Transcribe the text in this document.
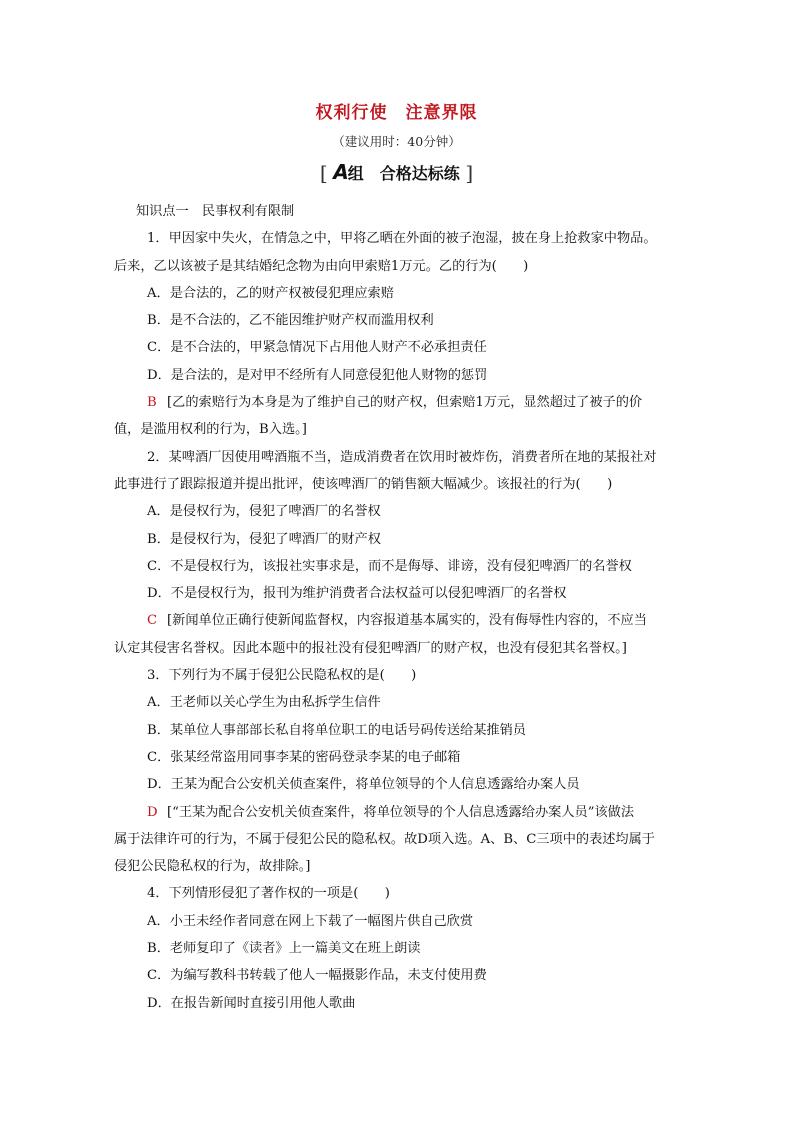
权利行使　 注意界限
（建议用时：40分钟）
[ A组　合格达标练 ]
知识点一　民事权利有限制
1．甲因家中失火，在情急之中，甲将乙晒在外面的被子泡湿，披在身上抢救家中物品。
后来，乙以该被子是其结婚纪念物为由向甲索赔1万元。乙的行为(　　)
A．是合法的，乙的财产权被侵犯理应索赔
B．是不合法的，乙不能因维护财产权而滥用权利
C．是不合法的，甲紧急情况下占用他人财产不必承担责任
D．是合法的，是对甲不经所有人同意侵犯他人财物的惩罚
B [乙的索赔行为本身是为了维护自己的财产权，但索赔1万元，显然超过了被子的价
值，是滥用权利的行为，B入选。]
2．某啤酒厂因使用啤酒瓶不当，造成消费者在饮用时被炸伤，消费者所在地的某报社对
此事进行了跟踪报道并提出批评，使该啤酒厂的销售额大幅减少。该报社的行为(　　)
A．是侵权行为，侵犯了啤酒厂的名誉权
B．是侵权行为，侵犯了啤酒厂的财产权
C．不是侵权行为，该报社实事求是，而不是侮辱、诽谤，没有侵犯啤酒厂的名誉权
D．不是侵权行为，报刊为维护消费者合法权益可以侵犯啤酒厂的名誉权
C [新闻单位正确行使新闻监督权，内容报道基本属实的，没有侮辱性内容的，不应当
认定其侵害名誉权。因此本题中的报社没有侵犯啤酒厂的财产权，也没有侵犯其名誉权。]
3．下列行为不属于侵犯公民隐私权的是(　　)
A．王老师以关心学生为由私拆学生信件
B．某单位人事部部长私自将单位职工的电话号码传送给某推销员
C．张某经常盗用同事李某的密码登录李某的电子邮箱
D．王某为配合公安机关侦查案件，将单位领导的个人信息透露给办案人员
D [“王某为配合公安机关侦查案件，将单位领导的个人信息透露给办案人员”该做法
属于法律许可的行为，不属于侵犯公民的隐私权。故D项入选。A、B、C三项中的表述均属于
侵犯公民隐私权的行为，故排除。]
4．下列情形侵犯了著作权的一项是(　　)
A．小王未经作者同意在网上下载了一幅图片供自己欣赏
B．老师复印了《读者》上一篇美文在班上朗读
C．为编写教科书转载了他人一幅摄影作品，未支付使用费
D．在报告新闻时直接引用他人歌曲
